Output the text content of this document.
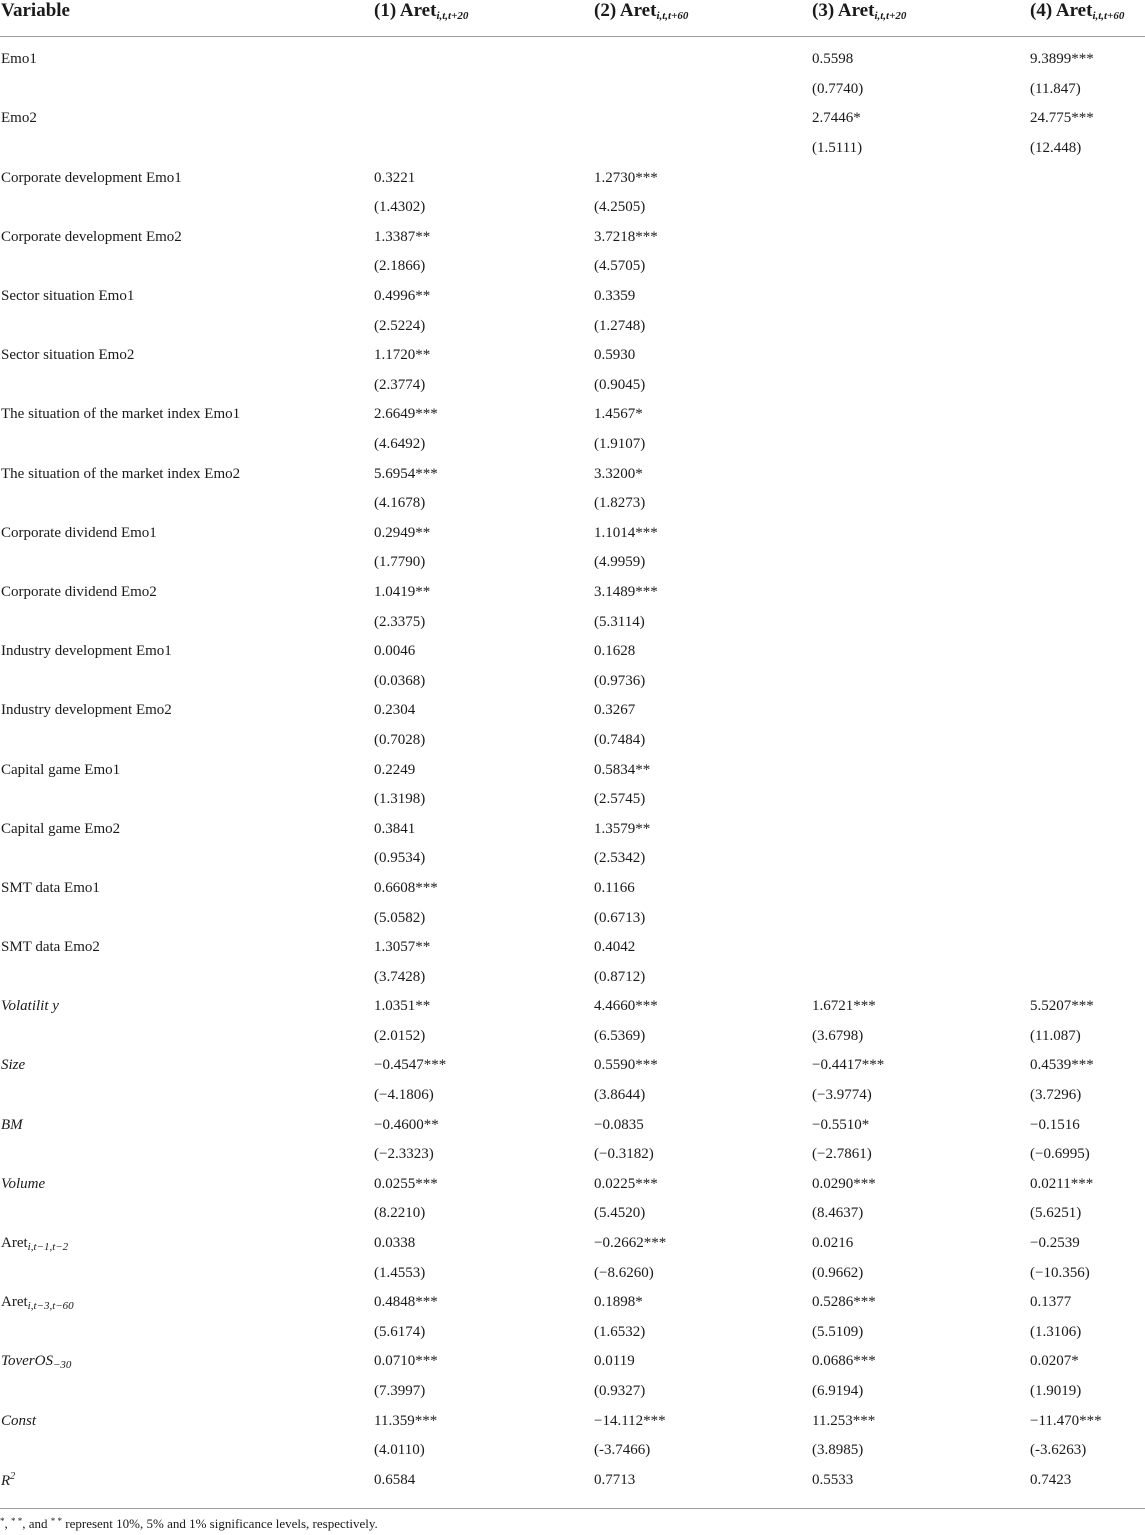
Variable	(1) Aret$_{i,t,t+20}$	(2) Aret$_{i,t,t+60}$	(3) Aret$_{i,t,t+20}$	(4) Aret$_{i,t,t+60}$
Emo1			0.5598	9.3899***
			(0.7740)	(11.847)
Emo2			2.7446*	24.775***
			(1.5111)	(12.448)
Corporate development Emo1	0.3221	1.2730***		
	(1.4302)	(4.2505)		
Corporate development Emo2	1.3387**	3.7218***		
	(2.1866)	(4.5705)		
Sector situation Emo1	0.4996**	0.3359		
	(2.5224)	(1.2748)		
Sector situation Emo2	1.1720**	0.5930		
	(2.3774)	(0.9045)		
The situation of the market index Emo1	2.6649***	1.4567*		
	(4.6492)	(1.9107)		
The situation of the market index Emo2	5.6954***	3.3200*		
	(4.1678)	(1.8273)		
Corporate dividend Emo1	0.2949**	1.1014***		
	(1.7790)	(4.9959)		
Corporate dividend Emo2	1.0419**	3.1489***		
	(2.3375)	(5.3114)		
Industry development Emo1	0.0046	0.1628		
	(0.0368)	(0.9736)		
Industry development Emo2	0.2304	0.3267		
	(0.7028)	(0.7484)		
Capital game Emo1	0.2249	0.5834**		
	(1.3198)	(2.5745)		
Capital game Emo2	0.3841	1.3579**		
	(0.9534)	(2.5342)		
SMT data Emo1	0.6608***	0.1166		
	(5.0582)	(0.6713)		
SMT data Emo2	1.3057**	0.4042		
	(3.7428)	(0.8712)		
Volatilit y	1.0351**	4.4660***	1.6721***	5.5207***
	(2.0152)	(6.5369)	(3.6798)	(11.087)
Size	−0.4547***	0.5590***	−0.4417***	0.4539***
	(−4.1806)	(3.8644)	(−3.9774)	(3.7296)
BM	−0.4600**	−0.0835	−0.5510*	−0.1516
	(−2.3323)	(−0.3182)	(−2.7861)	(−0.6995)
Volume	0.0255***	0.0225***	0.0290***	0.0211***
	(8.2210)	(5.4520)	(8.4637)	(5.6251)
Aret$_{i,t-1,t-2}$	0.0338	−0.2662***	0.0216	−0.2539
	(1.4553)	(−8.6260)	(0.9662)	(−10.356)
Aret$_{i,t-3,t-60}$	0.4848***	0.1898*	0.5286***	0.1377
	(5.6174)	(1.6532)	(5.5109)	(1.3106)
ToverOS$_{-30}$	0.0710***	0.0119	0.0686***	0.0207*
	(7.3997)	(0.9327)	(6.9194)	(1.9019)
Const	11.359***	−14.112***	11.253***	−11.470***
	(4.0110)	(-3.7466)	(3.8985)	(-3.6263)
$R^2$	0.6584	0.7713	0.5533	0.7423
*, * *, and * * represent 10%, 5% and 1% significance levels, respectively.
